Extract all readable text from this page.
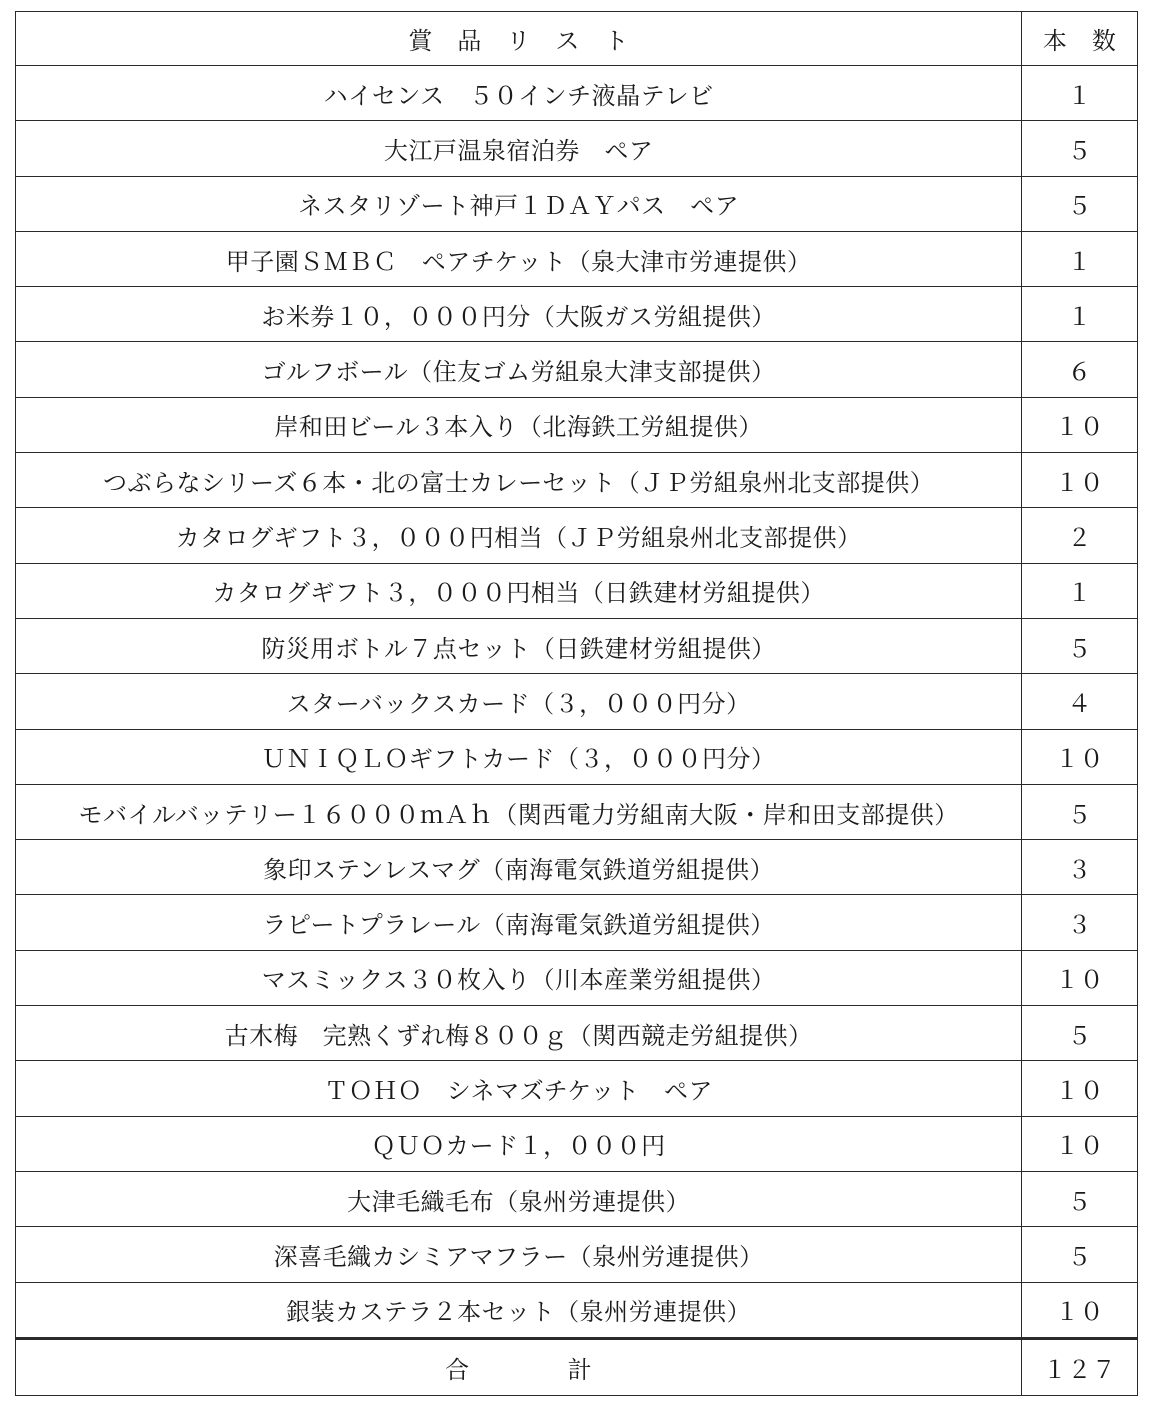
賞　品　リ　ス　ト	本　数
ハイセンス　５０インチ液晶テレビ	１
大江戸温泉宿泊券　ペア	５
ネスタリゾート神戸１ＤＡＹパス　ペア	５
甲子園ＳＭＢＣ　ペアチケット（泉大津市労連提供）	１
お米券１０，０００円分（大阪ガス労組提供）	１
ゴルフボール（住友ゴム労組泉大津支部提供）	６
岸和田ビール３本入り（北海鉄工労組提供）	１０
つぶらなシリーズ６本・北の富士カレーセット（ＪＰ労組泉州北支部提供）	１０
カタログギフト３，０００円相当（ＪＰ労組泉州北支部提供）	２
カタログギフト３，０００円相当（日鉄建材労組提供）	１
防災用ボトル７点セット（日鉄建材労組提供）	５
スターバックスカード（３，０００円分）	４
ＵＮＩＱＬＯギフトカード（３，０００円分）	１０
モバイルバッテリー１６０００ｍＡｈ（関西電力労組南大阪・岸和田支部提供）	５
象印ステンレスマグ（南海電気鉄道労組提供）	３
ラピートプラレール（南海電気鉄道労組提供）	３
マスミックス３０枚入り（川本産業労組提供）	１０
古木梅　完熟くずれ梅８００ｇ（関西競走労組提供）	５
ＴＯＨＯ　シネマズチケット　ペア	１０
ＱＵＯカード１，０００円	１０
大津毛織毛布（泉州労連提供）	５
深喜毛織カシミアマフラー（泉州労連提供）	５
銀装カステラ２本セット（泉州労連提供）	１０
合　　　　計	１２７
